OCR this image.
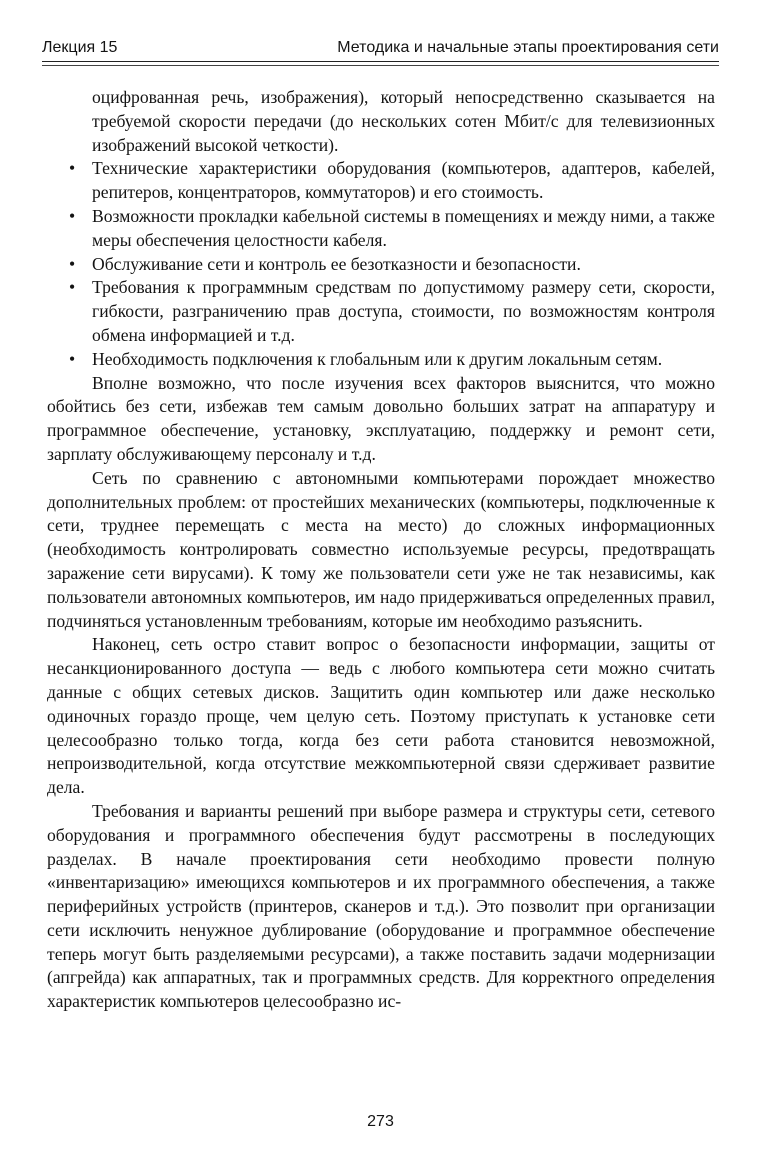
Лекция 15	Методика и начальные этапы проектирования сети

оцифрованная речь, изображения), который непосредственно сказывается на требуемой скорости передачи (до нескольких сотен Мбит/с для телевизионных изображений высокой четкости).

• Технические характеристики оборудования (компьютеров, адаптеров, кабелей, репитеров, концентраторов, коммутаторов) и его стоимость.
• Возможности прокладки кабельной системы в помещениях и между ними, а также меры обеспечения целостности кабеля.
• Обслуживание сети и контроль ее безотказности и безопасности.
• Требования к программным средствам по допустимому размеру сети, скорости, гибкости, разграничению прав доступа, стоимости, по возможностям контроля обмена информацией и т.д.
• Необходимость подключения к глобальным или к другим локальным сетям.

Вполне возможно, что после изучения всех факторов выяснится, что можно обойтись без сети, избежав тем самым довольно больших затрат на аппаратуру и программное обеспечение, установку, эксплуатацию, поддержку и ремонт сети, зарплату обслуживающему персоналу и т.д.

Сеть по сравнению с автономными компьютерами порождает множество дополнительных проблем: от простейших механических (компьютеры, подключенные к сети, труднее перемещать с места на место) до сложных информационных (необходимость контролировать совместно используемые ресурсы, предотвращать заражение сети вирусами). К тому же пользователи сети уже не так независимы, как пользователи автономных компьютеров, им надо придерживаться определенных правил, подчиняться установленным требованиям, которые им необходимо разъяснить.

Наконец, сеть остро ставит вопрос о безопасности информации, защиты от несанкционированного доступа — ведь с любого компьютера сети можно считать данные с общих сетевых дисков. Защитить один компьютер или даже несколько одиночных гораздо проще, чем целую сеть. Поэтому приступать к установке сети целесообразно только тогда, когда без сети работа становится невозможной, непроизводительной, когда отсутствие межкомпьютерной связи сдерживает развитие дела.

Требования и варианты решений при выборе размера и структуры сети, сетевого оборудования и программного обеспечения будут рассмотрены в последующих разделах. В начале проектирования сети необходимо провести полную «инвентаризацию» имеющихся компьютеров и их программного обеспечения, а также периферийных устройств (принтеров, сканеров и т.д.). Это позволит при организации сети исключить ненужное дублирование (оборудование и программное обеспечение теперь могут быть разделяемыми ресурсами), а также поставить задачи модернизации (апгрейда) как аппаратных, так и программных средств. Для корректного определения характеристик компьютеров целесообразно ис-

273
